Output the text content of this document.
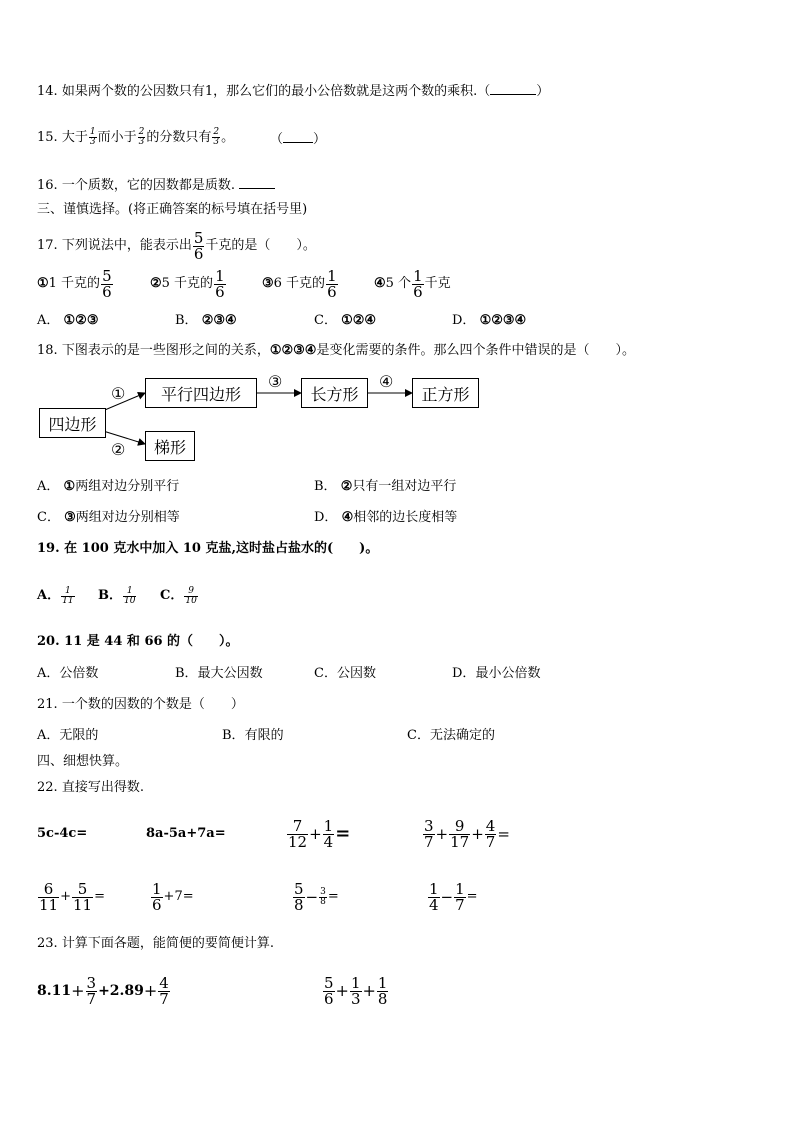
14. 如果两个数的公因数只有1，那么它们的最小公倍数就是这两个数的乘积.（	）
15. 大于 $\frac{1}{3}$ 而小于 $\frac{2}{3}$ 的分数只有 $\frac{2}{3}$ 。	（ ）
16. 一个质数，它的因数都是质数.
三、谨慎选择。(将正确答案的标号填在括号里)
17.
下列说法中，能表示出 $\frac{5}{6}$ 千克的是（　　）。
① 1 千克的 $\frac{5}{6}$	② 5 千克的 $\frac{1}{6}$	③ 6 千克的 $\frac{1}{6}$	④ 5 个 $\frac{1}{6}$ 千克
A． ①②③	B． ②③④	C． ①②④	D． ①②③④
18. 下图表示的是一些图形之间的关系，①②③④是变化需要的条件。那么四个条件中错误的是（　　）。
四边形
平行四边形	长方形	正方形
梯形
①
②
③	④
A． ①两组对边分别平行	B． ②只有一组对边平行
C． ③两组对边分别相等	D． ④相邻的边长度相等
19. 在 100 克水中加入 10 克盐,这时盐占盐水的(　　)。
A． $\frac{1}{11}$ B． $\frac{1}{10}$ C． $\frac{9}{10}$
20. 11 是 44 和 66 的（　　）。
A．公倍数	B．最大公因数	C．公因数	D．最小公倍数
21. 一个数的因数的个数是（　　）
A．无限的	B．有限的	C．无法确定的
四、细想快算。
22. 直接写出得数.
5c-4c=	8a-5a+7a=	$\frac{7}{12} + \frac{1}{4}$ =	$\frac{3}{7} + \frac{9}{17} + \frac{4}{7}$ =
$\frac{6}{11} + \frac{5}{11}$ =	$\frac{1}{6} +7=$	$\frac{5}{8} - \frac{3}{8}$ =	$\frac{1}{4} - \frac{1}{7}$ =
23. 计算下面各题，能简便的要简便计算.
$8.11 + \frac{3}{7} +2.89 + \frac{4}{7}$	$\frac{5}{6} + \frac{1}{3} + \frac{1}{8}$
